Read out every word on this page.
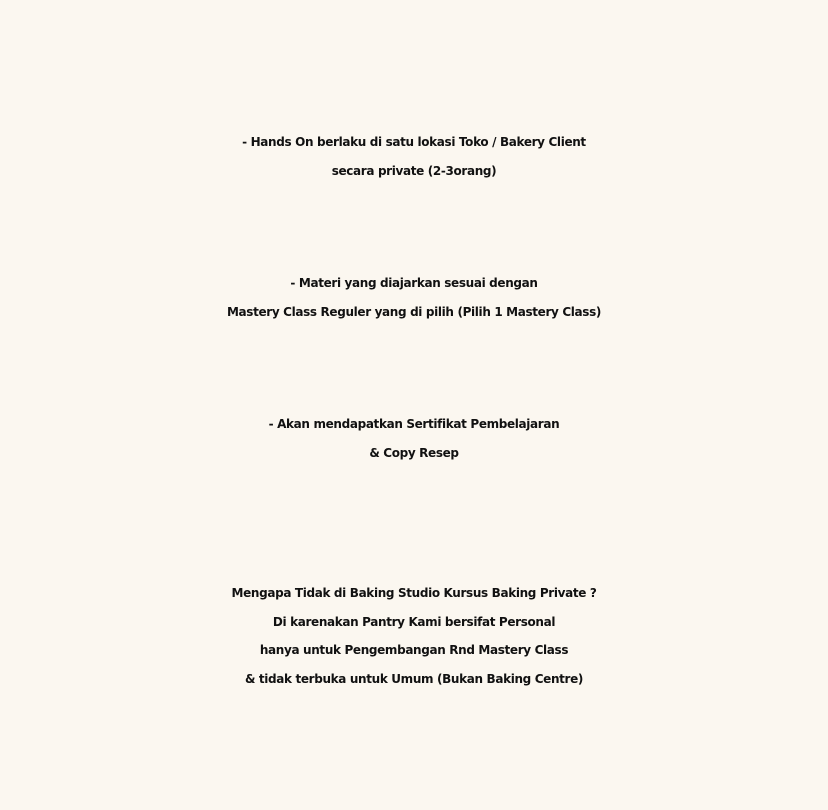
- Hands On berlaku di satu lokasi Toko / Bakery Client
secara private (2-3orang)
- Materi yang diajarkan sesuai dengan
Mastery Class Reguler yang di pilih (Pilih 1 Mastery Class)
- Akan mendapatkan Sertifikat Pembelajaran
& Copy Resep
Mengapa Tidak di Baking Studio Kursus Baking Private ?
Di karenakan Pantry Kami bersifat Personal
hanya untuk Pengembangan Rnd Mastery Class
& tidak terbuka untuk Umum (Bukan Baking Centre)
